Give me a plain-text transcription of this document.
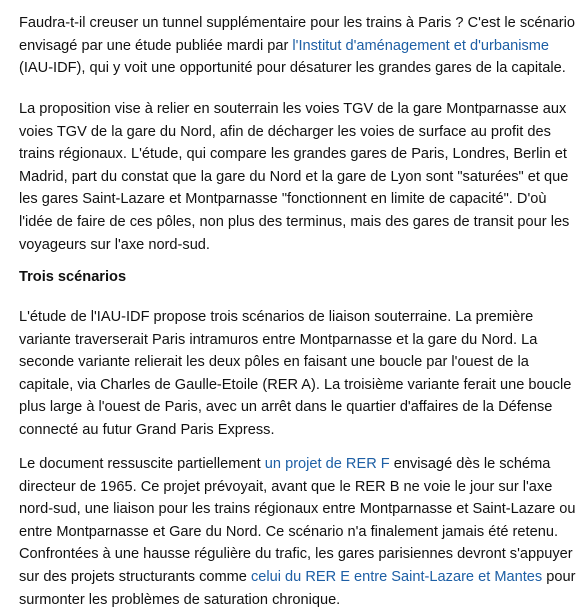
Faudra-t-il creuser un tunnel supplémentaire pour les trains à Paris ? C'est le scénario envisagé par une étude publiée mardi par l'Institut d'aménagement et d'urbanisme (IAU-IDF), qui y voit une opportunité pour désaturer les grandes gares de la capitale.

La proposition vise à relier en souterrain les voies TGV de la gare Montparnasse aux voies TGV de la gare du Nord, afin de décharger les voies de surface au profit des trains régionaux. L'étude, qui compare les grandes gares de Paris, Londres, Berlin et Madrid, part du constat que la gare du Nord et la gare de Lyon sont "saturées" et que les gares Saint-Lazare et Montparnasse "fonctionnent en limite de capacité". D'où l'idée de faire de ces pôles, non plus des terminus, mais des gares de transit pour les voyageurs sur l'axe nord-sud.

Trois scénarios

L'étude de l'IAU-IDF propose trois scénarios de liaison souterraine. La première variante traverserait Paris intramuros entre Montparnasse et la gare du Nord. La seconde variante relierait les deux pôles en faisant une boucle par l'ouest de la capitale, via Charles de Gaulle-Etoile (RER A). La troisième variante ferait une boucle plus large à l'ouest de Paris, avec un arrêt dans le quartier d'affaires de la Défense connecté au futur Grand Paris Express.

Le document ressuscite partiellement un projet de RER F envisagé dès le schéma directeur de 1965. Ce projet prévoyait, avant que le RER B ne voie le jour sur l'axe nord-sud, une liaison pour les trains régionaux entre Montparnasse et Saint-Lazare ou entre Montparnasse et Gare du Nord. Ce scénario n'a finalement jamais été retenu. Confrontées à une hausse régulière du trafic, les gares parisiennes devront s'appuyer sur des projets structurants comme celui du RER E entre Saint-Lazare et Mantes pour surmonter les problèmes de saturation chronique.
